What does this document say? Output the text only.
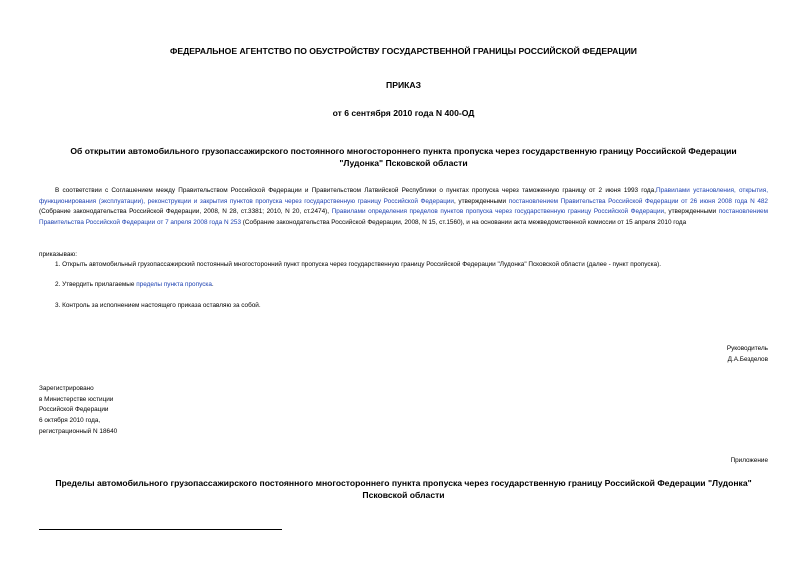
ФЕДЕРАЛЬНОЕ АГЕНТСТВО ПО ОБУСТРОЙСТВУ ГОСУДАРСТВЕННОЙ ГРАНИЦЫ РОССИЙСКОЙ ФЕДЕРАЦИИ
ПРИКАЗ
от 6 сентября 2010 года N 400-ОД
Об открытии автомобильного грузопассажирского постоянного многостороннего пункта пропуска через государственную границу Российской Федерации
"Лудонка" Псковской области
В соответствии с Соглашением между Правительством Российской Федерации и Правительством Латвийской Республики о пунктах пропуска через таможенную границу от 2 июня 1993 года,Правилами установления, открытия, функционирования (эксплуатации), реконструкции и закрытия пунктов пропуска через государственную границу Российской Федерации, утвержденными постановлением Правительства Российской Федерации от 26 июня 2008 года N 482 (Собрание законодательства Российской Федерации, 2008, N 28, ст.3381; 2010, N 20, ст.2474), Правилами определения пределов пунктов пропуска через государственную границу Российской Федерации, утвержденными постановлением Правительства Российской Федерации от 7 апреля 2008 года N 253 (Собрание законодательства Российской Федерации, 2008, N 15, ст.1560), и на основании акта межведомственной комиссии от 15 апреля 2010 года
приказываю:
1. Открыть автомобильный грузопассажирский постоянный многосторонний пункт пропуска через государственную границу Российской Федерации "Лудонка" Псковской области (далее - пункт пропуска).
2. Утвердить прилагаемые пределы пункта пропуска.
3. Контроль за исполнением настоящего приказа оставляю за собой.
Руководитель
Д.А.Безделов
Зарегистрировано
в Министерстве юстиции
Российской Федерации
6 октября 2010 года,
регистрационный N 18640
Приложение
Пределы автомобильного грузопассажирского постоянного многостороннего пункта пропуска через государственную границу Российской Федерации "Лудонка"
Псковской области
